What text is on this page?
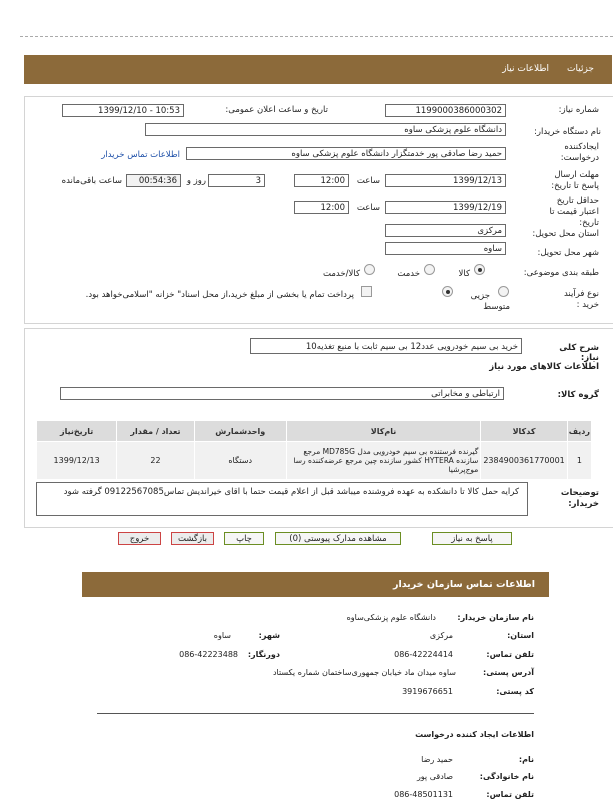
جزئیات
اطلاعات نیاز
شماره نیاز:
1199000386000302
تاریخ و ساعت اعلان عمومی:
1399/12/10 - 10:53
نام دستگاه خریدار:
دانشگاه علوم پزشکی ساوه
ایجادکننده درخواست:
حمید رضا صادقی پور خدمتگزار دانشگاه علوم پزشکی ساوه
اطلاعات تماس خریدار
مهلت ارسال پاسخ تا تاریخ:
1399/12/13
ساعت
12:00
3
روز و
00:54:36
ساعت باقی‌مانده
حداقل تاریخ اعتبار قیمت تا تاریخ:
1399/12/19
ساعت
12:00
استان محل تحویل:
مرکزی
شهر محل تحویل:
ساوه
طبقه بندی موضوعی:
کالا
خدمت
کالا/خدمت
نوع فرآیند خرید :
متوسط
جزیی
پرداخت تمام یا بخشی از مبلغ خرید،از محل اسناد" خزانه "اسلامی‌خواهد بود.
شرح کلی نیاز:
خرید بی سیم خودرویی عدد12 بی سیم ثابت با منبع تغذیه10
اطلاعات کالاهای مورد نیاز
گروه کالا:
ارتباطی و مخابراتی
ردیف	کدکالا	نام‌کالا	واحدشمارش	تعداد / مقدار	تاریخ‌نیاز
1	2384900361770001	گیرنده فرستنده بی سیم خودرویی مدل MD785G مرجع سازنده HYTERA کشور سازنده چین مرجع عرضه‌کننده رسا موج‌پرشیا	دستگاه	22	1399/12/13
توضیحات خریدار:
کرایه حمل کالا تا دانشکده به عهده فروشنده میباشد قبل از اعلام قیمت حتما با اقای خیراندیش تماس09122567085 گرفته شود
پاسخ به نیاز
مشاهده مدارک پیوستی (0)
چاپ
بازگشت
خروج
اطلاعات تماس سازمان خریدار
نام سازمان خریدار:
دانشگاه علوم پزشکی‌ساوه
استان:
مرکزی
شهر:
ساوه
تلفن تماس:
086-42224414
دورنگار:
086-42223488
آدرس پستی:
ساوه میدان ماد خیابان جمهوری‌ساختمان شماره یکستاد
کد پستی:
3919676651
اطلاعات ایجاد کننده درخواست
نام:
حمید رضا
نام خانوادگی:
صادقی پور
تلفن تماس:
086-48501131
